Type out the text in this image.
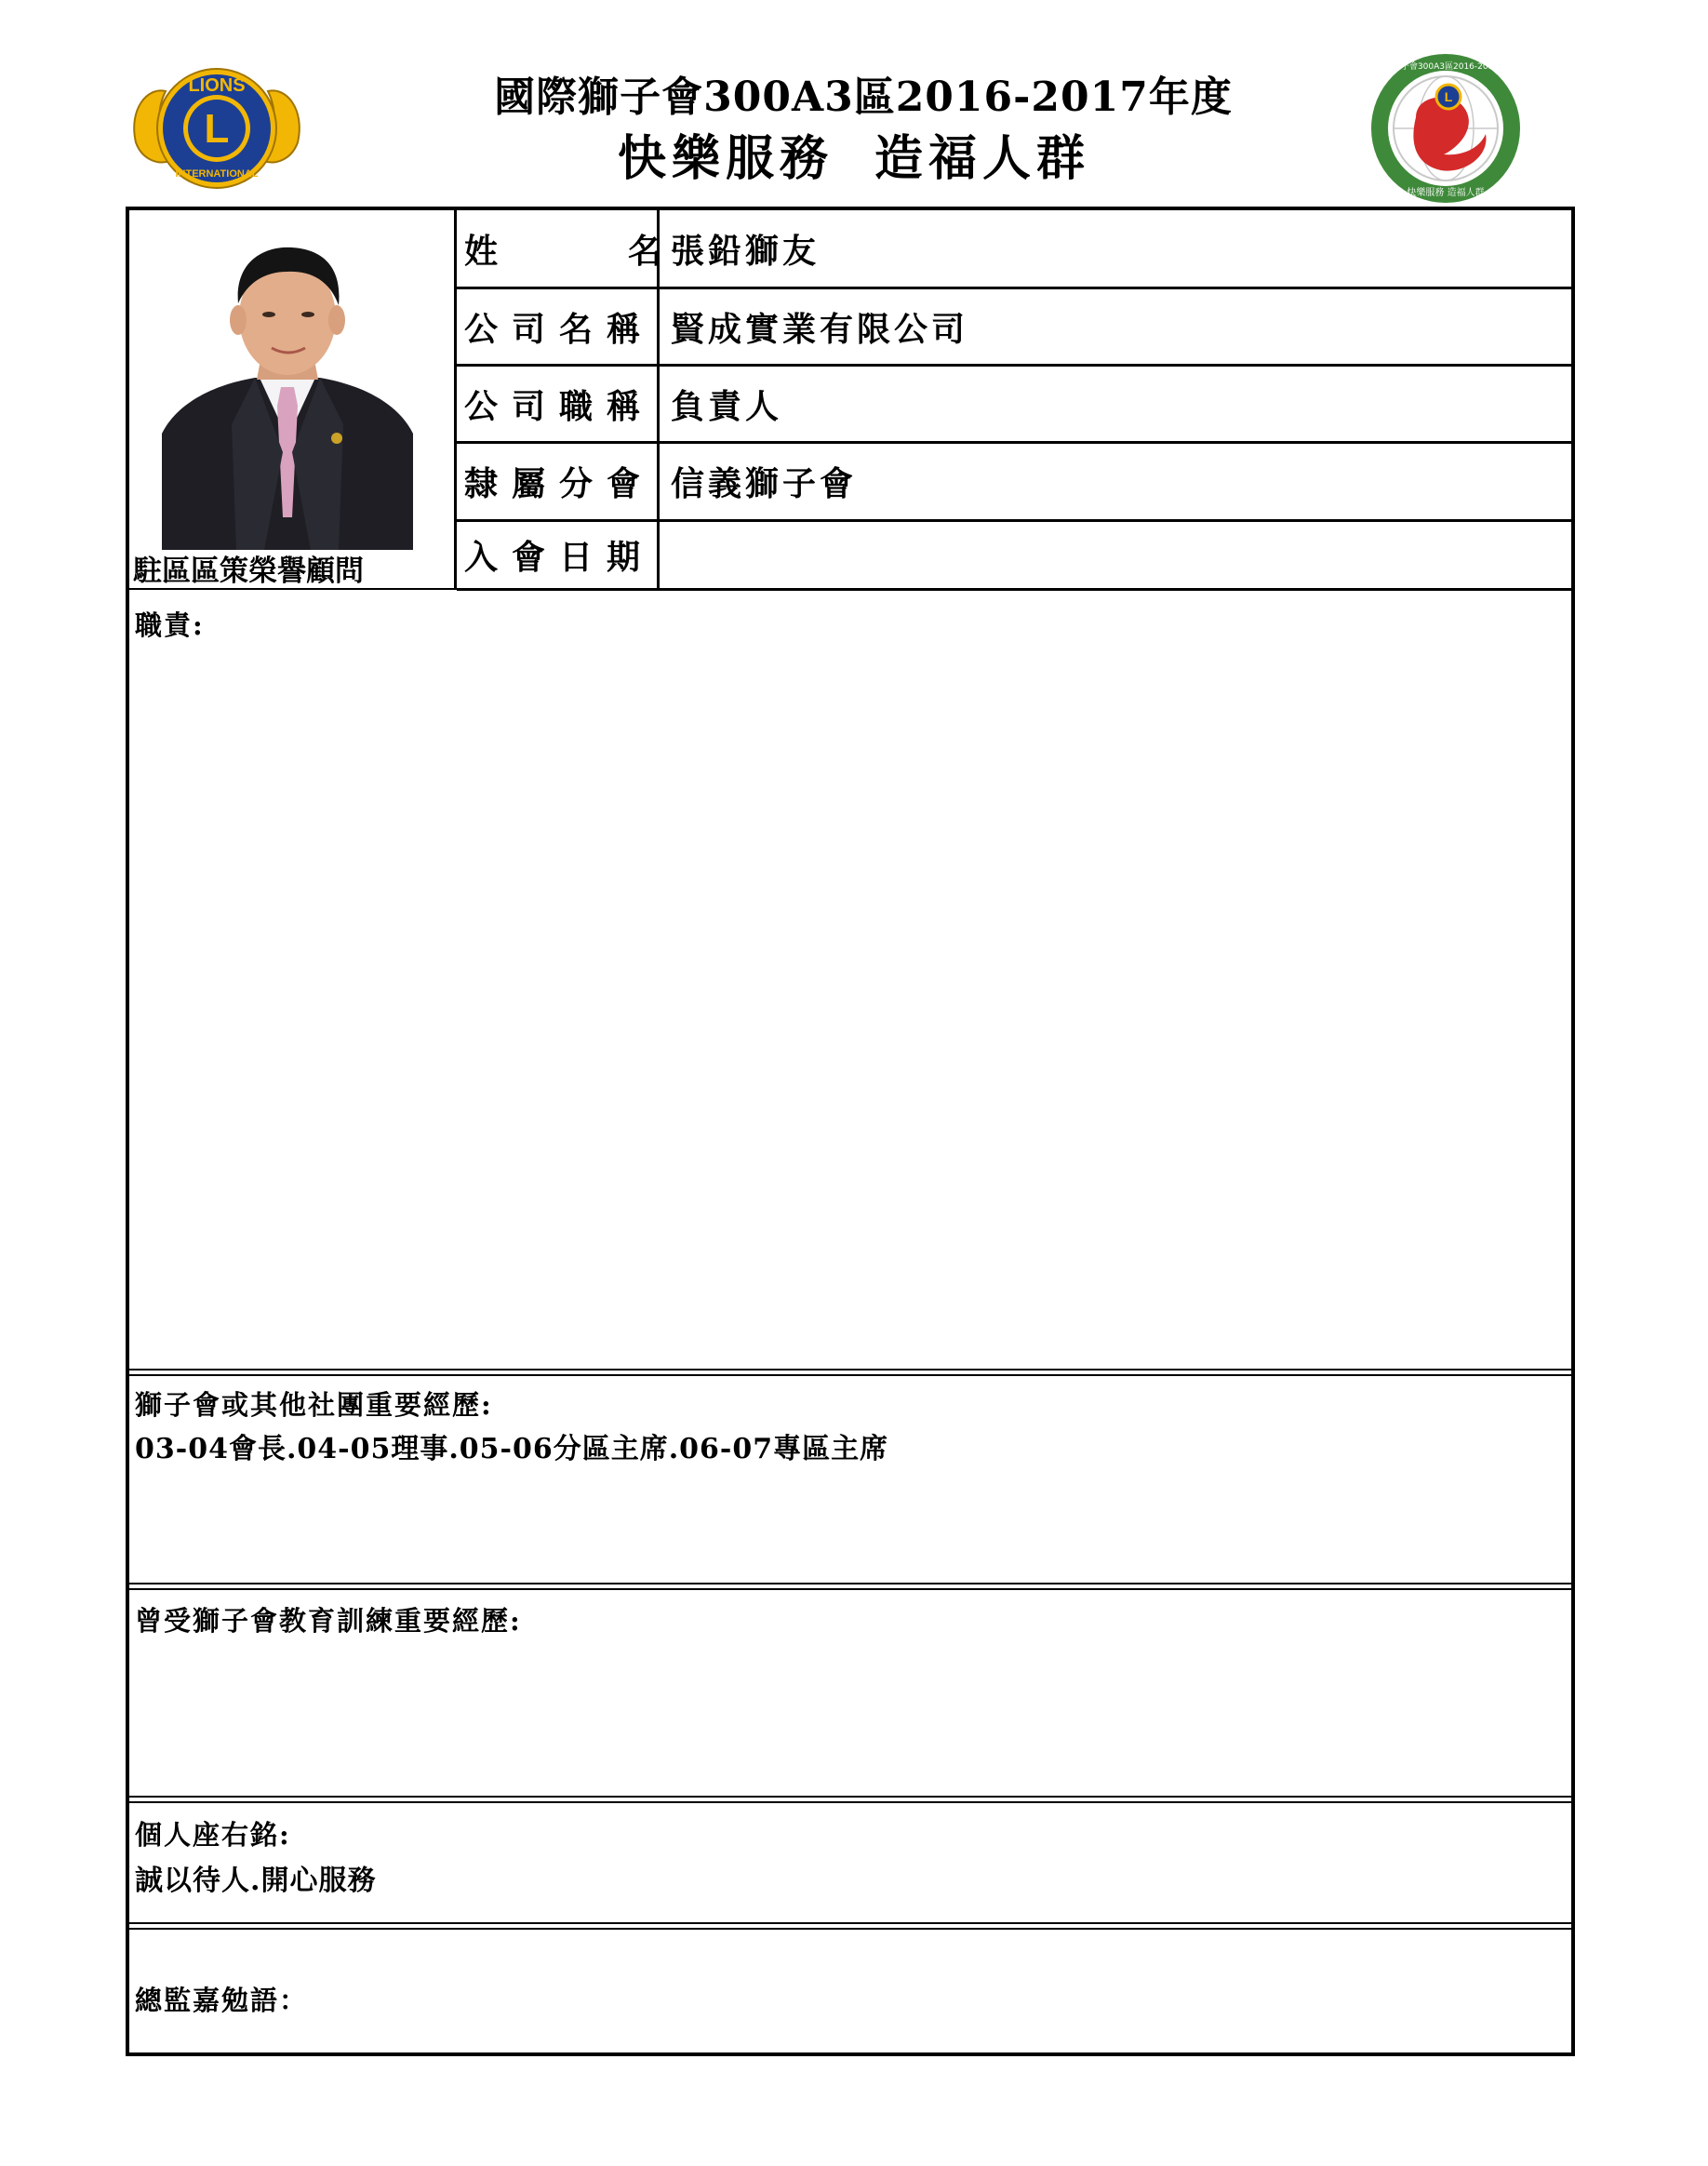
L
LIONS
INTERNATIONAL
國際獅子會300A3區2016-2017年度
快樂服務 造福人群
L
國際獅子會300A3區2016-2017年度
快樂服務 造福人群
駐區區策榮譽顧問
姓	名 張鉛獅友
公司名稱 賢成實業有限公司
公司職稱 負責人
隸屬分會 信義獅子會
入會日期
職責:
獅子會或其他社團重要經歷:
03-04會長.04-05理事.05-06分區主席.06-07專區主席
曾受獅子會教育訓練重要經歷:
個人座右銘:
誠以待人.開心服務
總監嘉勉語：
